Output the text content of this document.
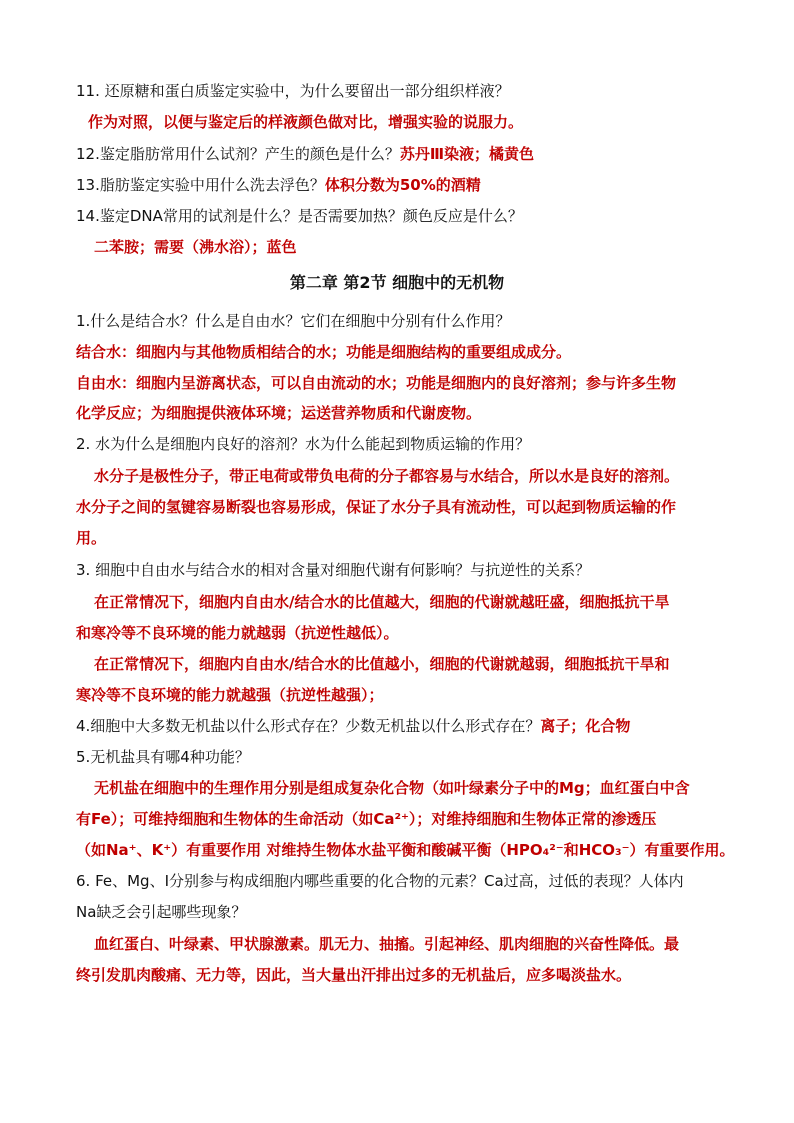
11. 还原糖和蛋白质鉴定实验中，为什么要留出一部分组织样液？
作为对照，以便与鉴定后的样液颜色做对比，增强实验的说服力。
12.鉴定脂肪常用什么试剂？产生的颜色是什么？苏丹Ⅲ染液；橘黄色
13.脂肪鉴定实验中用什么洗去浮色？体积分数为50%的酒精
14.鉴定DNA常用的试剂是什么？是否需要加热？颜色反应是什么？
二苯胺；需要（沸水浴）；蓝色
第二章 第2节 细胞中的无机物
1.什么是结合水？什么是自由水？它们在细胞中分别有什么作用？
结合水：细胞内与其他物质相结合的水；功能是细胞结构的重要组成成分。
自由水：细胞内呈游离状态，可以自由流动的水；功能是细胞内的良好溶剂；参与许多生物
化学反应；为细胞提供液体环境；运送营养物质和代谢废物。
2. 水为什么是细胞内良好的溶剂？水为什么能起到物质运输的作用？
水分子是极性分子，带正电荷或带负电荷的分子都容易与水结合，所以水是良好的溶剂。
水分子之间的氢键容易断裂也容易形成，保证了水分子具有流动性，可以起到物质运输的作
用。
3. 细胞中自由水与结合水的相对含量对细胞代谢有何影响？与抗逆性的关系？
在正常情况下，细胞内自由水/结合水的比值越大，细胞的代谢就越旺盛，细胞抵抗干旱
和寒冷等不良环境的能力就越弱（抗逆性越低）。
在正常情况下，细胞内自由水/结合水的比值越小，细胞的代谢就越弱，细胞抵抗干旱和
寒冷等不良环境的能力就越强（抗逆性越强）；
4.细胞中大多数无机盐以什么形式存在？少数无机盐以什么形式存在？离子；化合物
5.无机盐具有哪4种功能？
无机盐在细胞中的生理作用分别是组成复杂化合物（如叶绿素分子中的Mg；血红蛋白中含
有Fe）；可维持细胞和生物体的生命活动（如Ca²⁺）；对维持细胞和生物体正常的渗透压
（如Na⁺、K⁺）有重要作用 对维持生物体水盐平衡和酸碱平衡（HPO₄²⁻和HCO₃⁻）有重要作用。
6. Fe、Mg、I分别参与构成细胞内哪些重要的化合物的元素？Ca过高，过低的表现？人体内
Na缺乏会引起哪些现象？
血红蛋白、叶绿素、甲状腺激素。肌无力、抽搐。引起神经、肌肉细胞的兴奋性降低。最
终引发肌肉酸痛、无力等，因此，当大量出汗排出过多的无机盐后，应多喝淡盐水。
